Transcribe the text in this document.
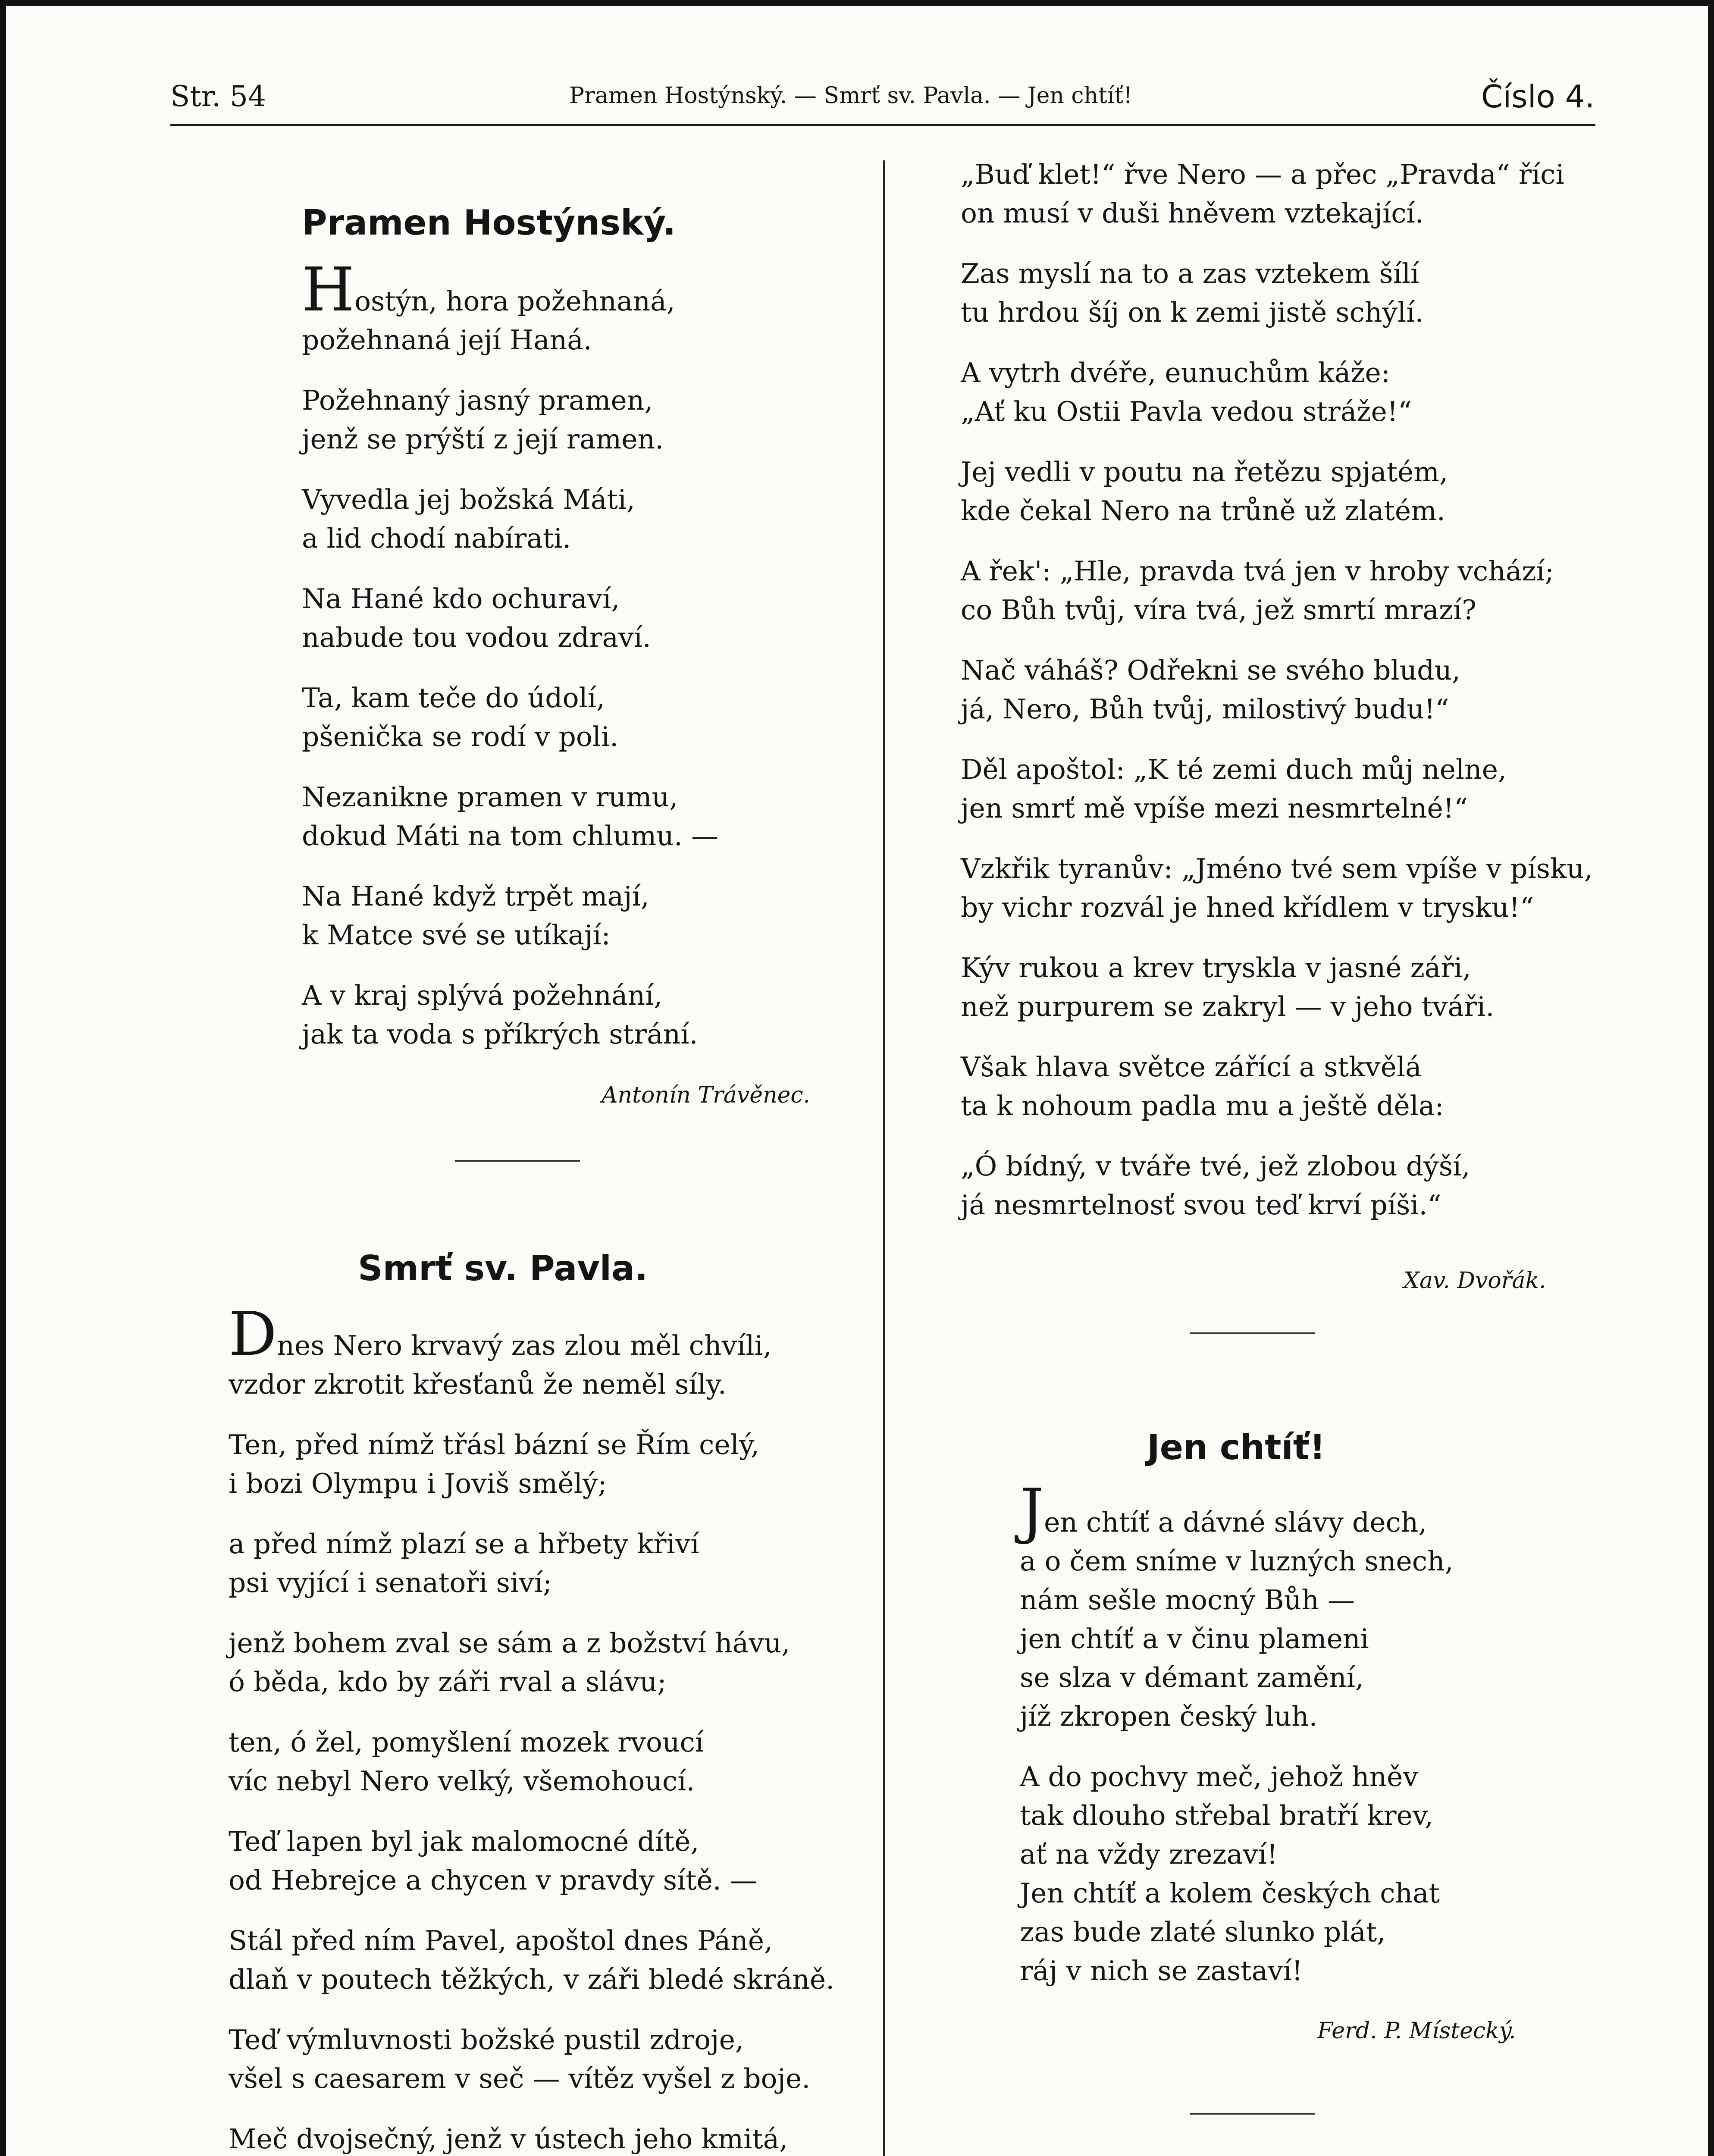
Str. 54	Pramen Hostýnský. — Smrť sv. Pavla. — Jen chtíť!	Číslo 4.
Pramen Hostýnský.
Hostýn, hora požehnaná,
požehnaná její Haná.
Požehnaný jasný pramen,
jenž se prýští z její ramen.
Vyvedla jej božská Máti,
a lid chodí nabírati.
Na Hané kdo ochuraví,
nabude tou vodou zdraví.
Ta, kam teče do údolí,
pšenička se rodí v poli.
Nezanikne pramen v rumu,
dokud Máti na tom chlumu. —
Na Hané když trpět mají,
k Matce své se utíkají:
A v kraj splývá požehnání,
jak ta voda s příkrých strání.
Antonín Trávěnec.
Smrť sv. Pavla.
Dnes Nero krvavý zas zlou měl chvíli,
vzdor zkrotit křesťanů že neměl síly.
Ten, před nímž třásl bázní se Řím celý,
i bozi Olympu i Joviš smělý;
a před nímž plazí se a hřbety křiví
psi vyjící i senatoři siví;
jenž bohem zval se sám a z božství hávu,
ó běda, kdo by záři rval a slávu;
ten, ó žel, pomyšlení mozek rvoucí
víc nebyl Nero velký, všemohoucí.
Teď lapen byl jak malomocné dítě,
od Hebrejce a chycen v pravdy sítě. —
Stál před ním Pavel, apoštol dnes Páně,
dlaň v poutech těžkých, v záři bledé skráně.
Teď výmluvnosti božské pustil zdroje,
všel s caesarem v seč — vítěz vyšel z boje.
Meč dvojsečný, jenž v ústech jeho kmitá,
„Buď klet!“ řve Nero — a přec „Pravda“ říci
on musí v duši hněvem vztekající.
Zas myslí na to a zas vztekem šílí
tu hrdou šíj on k zemi jistě schýlí.
A vytrh dvéře, eunuchům káže:
„Ať ku Ostii Pavla vedou stráže!“
Jej vedli v poutu na řetězu spjatém,
kde čekal Nero na trůně už zlatém.
A řek': „Hle, pravda tvá jen v hroby vchází;
co Bůh tvůj, víra tvá, jež smrtí mrazí?
Nač váháš? Odřekni se svého bludu,
já, Nero, Bůh tvůj, milostivý budu!“
Děl apoštol: „K té zemi duch můj nelne,
jen smrť mě vpíše mezi nesmrtelné!“
Vzkřik tyranův: „Jméno tvé sem vpíše v písku,
by vichr rozvál je hned křídlem v trysku!“
Kýv rukou a krev tryskla v jasné záři,
než purpurem se zakryl — v jeho tváři.
Však hlava světce zářící a stkvělá
ta k nohoum padla mu a ještě děla:
„Ó bídný, v tváře tvé, jež zlobou dýší,
já nesmrtelnosť svou teď krví píši.“
Xav. Dvořák.
Jen chtíť!
Jen chtíť a dávné slávy dech,
a o čem sníme v luzných snech,
nám sešle mocný Bůh —
jen chtíť a v činu plameni
se slza v démant zamění,
jíž zkropen český luh.
A do pochvy meč, jehož hněv
tak dlouho střebal bratří krev,
ať na vždy zrezaví!
Jen chtíť a kolem českých chat
zas bude zlaté slunko plát,
ráj v nich se zastaví!
Ferd. P. Místecký.
